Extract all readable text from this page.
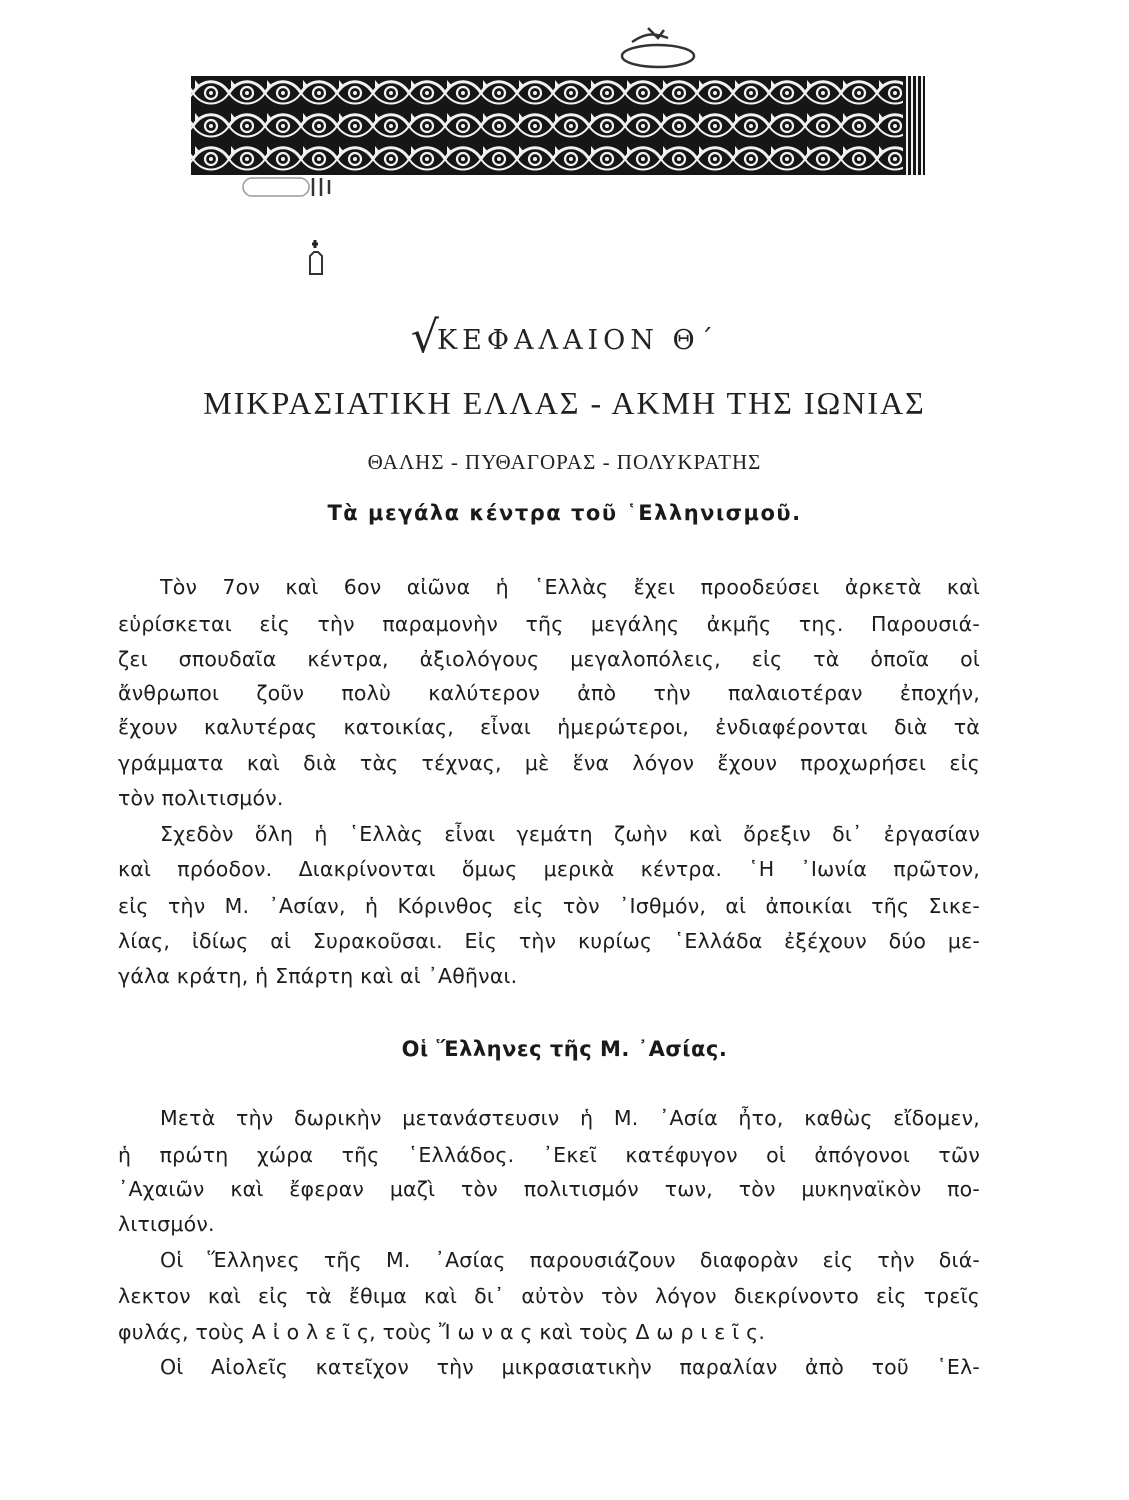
√ΚΕΦΑΛΑΙΟΝ Θ΄
ΜΙΚΡΑΣΙΑΤΙΚΗ ΕΛΛΑΣ - ΑΚΜΗ ΤΗΣ ΙΩΝΙΑΣ
ΘΑΛΗΣ - ΠΥΘΑΓΟΡΑΣ - ΠΟΛΥΚΡΑΤΗΣ
Τὰ μεγάλα κέντρα τοῦ ῾Ελληνισμοῦ.
Οἱ Ἕλληνες τῆς Μ. ᾿Ασίας.
Τὸν 7ον καὶ 6ον αἰῶνα ἡ ῾Ελλὰς ἔχει προοδεύσει ἀρκετὰ καὶ
εὑρίσκεται εἰς τὴν παραμονὴν τῆς μεγάλης ἀκμῆς της. Παρουσιά-
ζει σπουδαῖα κέντρα, ἀξιολόγους μεγαλοπόλεις, εἰς τὰ ὁποῖα οἱ
ἄνθρωποι ζοῦν πολὺ καλύτερον ἀπὸ τὴν παλαιοτέραν ἐποχήν,
ἔχουν καλυτέρας κατοικίας, εἶναι ἡμερώτεροι, ἐνδιαφέρονται διὰ τὰ
γράμματα καὶ διὰ τὰς τέχνας, μὲ ἕνα λόγον ἔχουν προχωρήσει εἰς
τὸν πολιτισμόν.
Σχεδὸν ὅλη ἡ ῾Ελλὰς εἶναι γεμάτη ζωὴν καὶ ὄρεξιν δι᾿ ἐργασίαν
καὶ πρόοδον. Διακρίνονται ὅμως μερικὰ κέντρα. ῾Η ᾿Ιωνία πρῶτον,
εἰς τὴν Μ. ᾿Ασίαν, ἡ Κόρινθος εἰς τὸν ᾿Ισθμόν, αἱ ἀποικίαι τῆς Σικε-
λίας, ἰδίως αἱ Συρακοῦσαι. Εἰς τὴν κυρίως ῾Ελλάδα ἐξέχουν δύο με-
γάλα κράτη, ἡ Σπάρτη καὶ αἱ ᾿Αθῆναι.
Μετὰ τὴν δωρικὴν μετανάστευσιν ἡ Μ. ᾿Ασία ἦτο, καθὼς εἴδομεν,
ἡ πρώτη χώρα τῆς ῾Ελλάδος. ᾿Εκεῖ κατέφυγον οἱ ἀπόγονοι τῶν
᾿Αχαιῶν καὶ ἔφεραν μαζὶ τὸν πολιτισμόν των, τὸν μυκηναϊκὸν πο-
λιτισμόν.
Οἱ Ἕλληνες τῆς Μ. ᾿Ασίας παρουσιάζουν διαφορὰν εἰς τὴν διά-
λεκτον καὶ εἰς τὰ ἔθιμα καὶ δι᾿ αὐτὸν τὸν λόγον διεκρίνοντο εἰς τρεῖς
φυλάς, τοὺς Α ἰ ο λ ε ῖ ς, τοὺς Ἴ ω ν α ς καὶ τοὺς Δ ω ρ ι ε ῖ ς.
Οἱ Αἰολεῖς κατεῖχον τὴν μικρασιατικὴν παραλίαν ἀπὸ τοῦ ῾Ελ-
